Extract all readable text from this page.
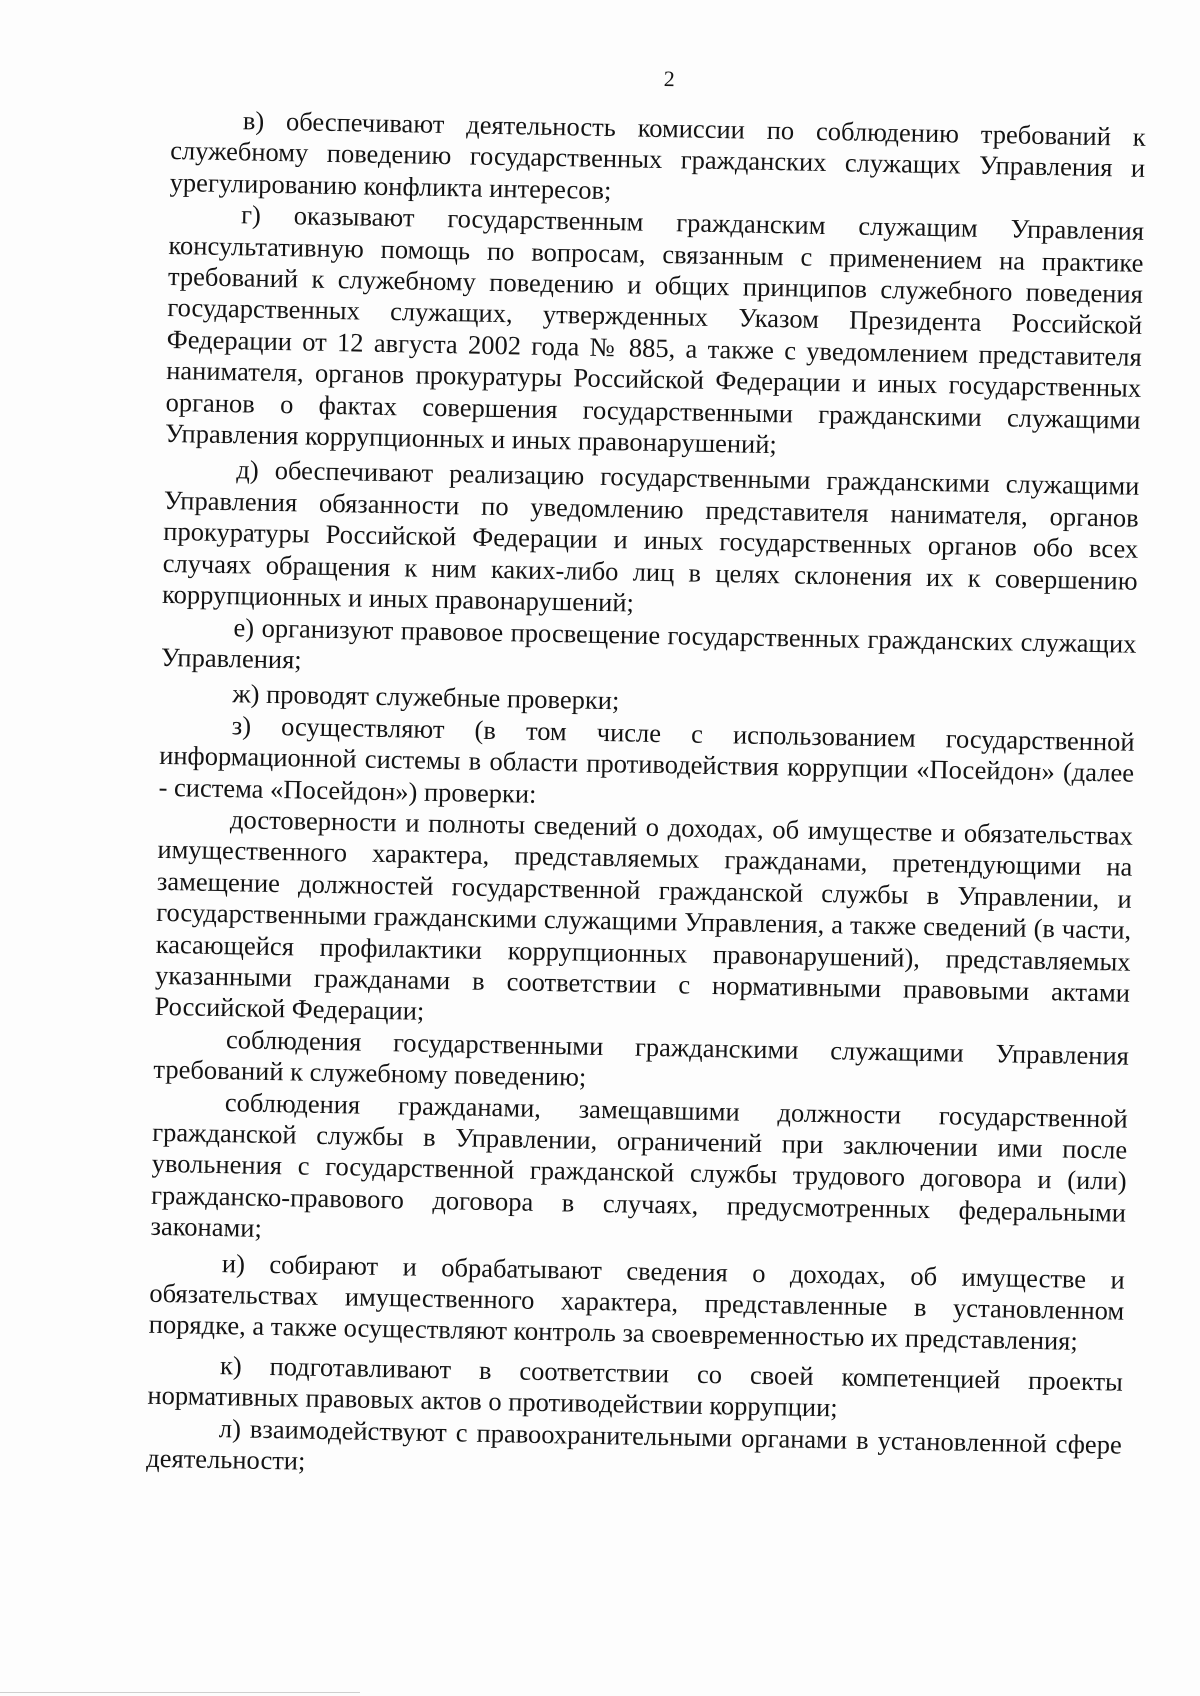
2

в) обеспечивают деятельность комиссии по соблюдению требований к служебному поведению государственных гражданских служащих Управления и урегулированию конфликта интересов;

г) оказывают государственным гражданским служащим Управления консультативную помощь по вопросам, связанным с применением на практике требований к служебному поведению и общих принципов служебного поведения государственных служащих, утвержденных Указом Президента Российской Федерации от 12 августа 2002 года № 885, а также с уведомлением представителя нанимателя, органов прокуратуры Российской Федерации и иных государственных органов о фактах совершения государственными гражданскими служащими Управления коррупционных и иных правонарушений;

д) обеспечивают реализацию государственными гражданскими служащими Управления обязанности по уведомлению представителя нанимателя, органов прокуратуры Российской Федерации и иных государственных органов обо всех случаях обращения к ним каких-либо лиц в целях склонения их к совершению коррупционных и иных правонарушений;

е) организуют правовое просвещение государственных гражданских служащих Управления;

ж) проводят служебные проверки;

з) осуществляют (в том числе с использованием государственной информационной системы в области противодействия коррупции «Посейдон» (далее - система «Посейдон») проверки:

достоверности и полноты сведений о доходах, об имуществе и обязательствах имущественного характера, представляемых гражданами, претендующими на замещение должностей государственной гражданской службы в Управлении, и государственными гражданскими служащими Управления, а также сведений (в части, касающейся профилактики коррупционных правонарушений), представляемых указанными гражданами в соответствии с нормативными правовыми актами Российской Федерации;

соблюдения государственными гражданскими служащими Управления требований к служебному поведению;

соблюдения гражданами, замещавшими должности государственной гражданской службы в Управлении, ограничений при заключении ими после увольнения с государственной гражданской службы трудового договора и (или) гражданско-правового договора в случаях, предусмотренных федеральными законами;

и) собирают и обрабатывают сведения о доходах, об имуществе и обязательствах имущественного характера, представленные в установленном порядке, а также осуществляют контроль за своевременностью их представления;

к) подготавливают в соответствии со своей компетенцией проекты нормативных правовых актов о противодействии коррупции;

л) взаимодействуют с правоохранительными органами в установленной сфере деятельности;
